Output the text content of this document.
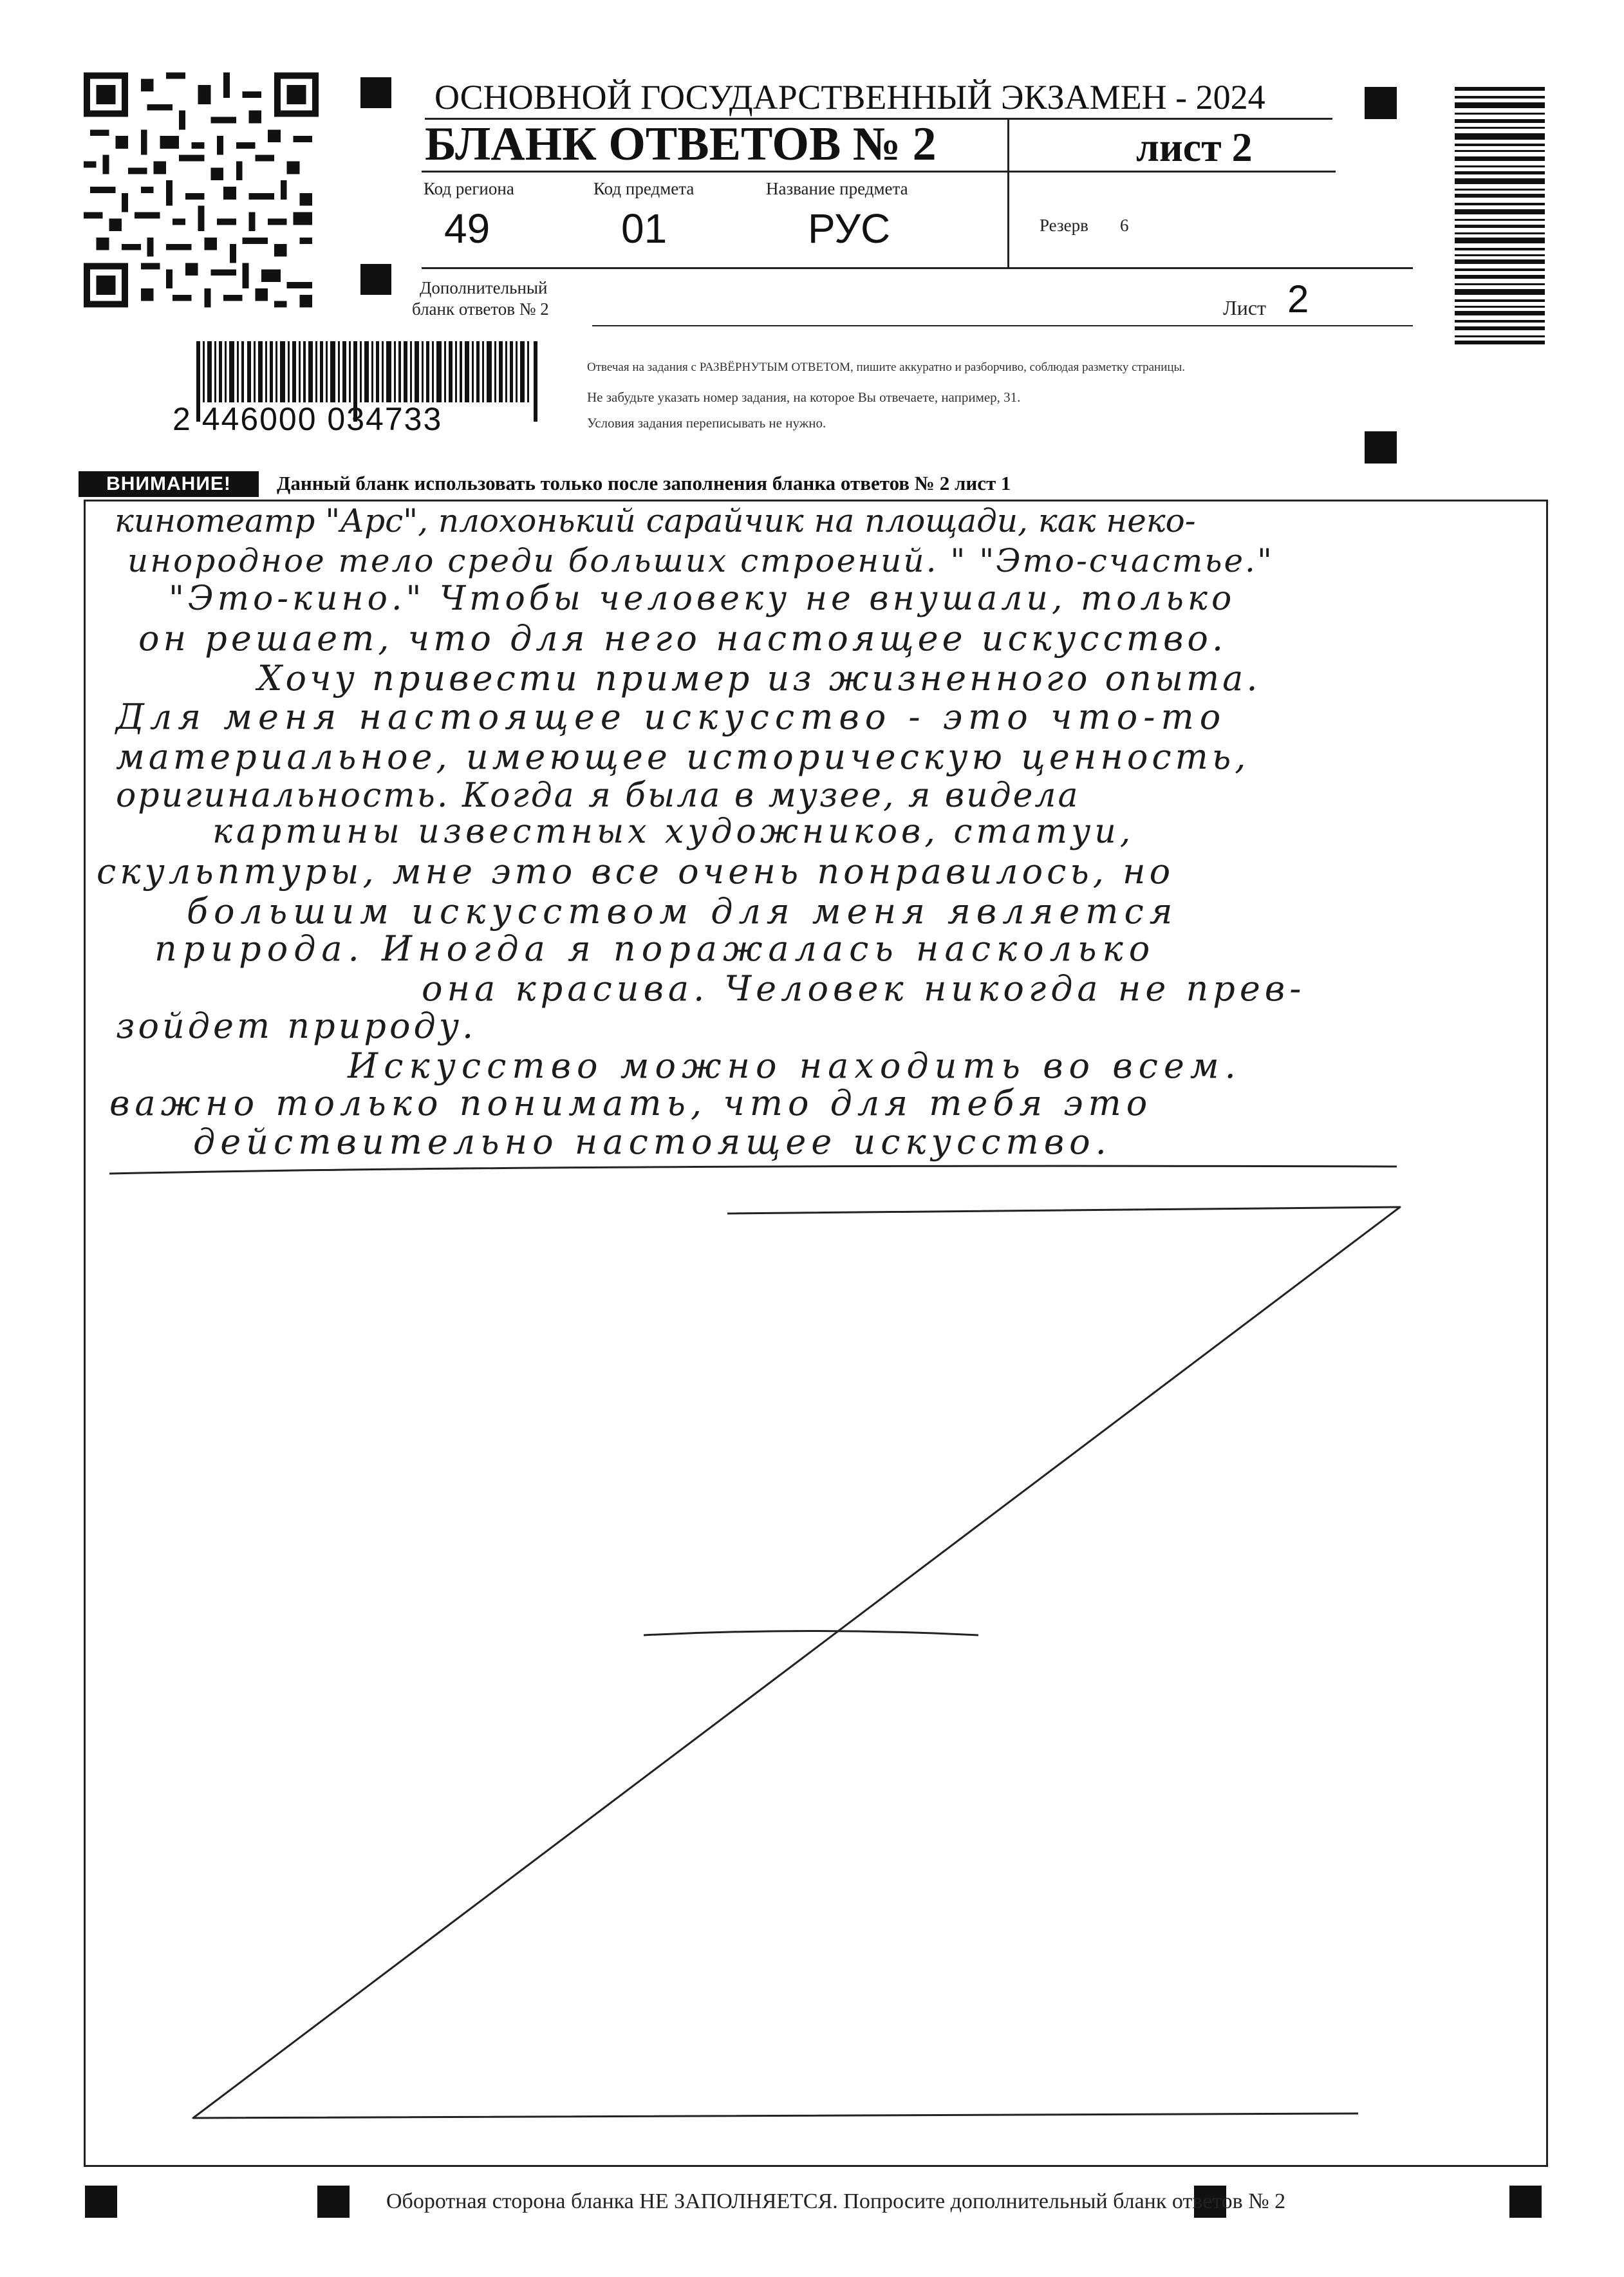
ОСНОВНОЙ ГОСУДАРСТВЕННЫЙ ЭКЗАМЕН - 2024
БЛАНК ОТВЕТОВ № 2	лист 2
Код региона
49
Код предмета
01
Название предмета
РУС	Резерв 6
Дополнительный
бланк ответов № 2	Лист 2
2 446000 034733
Отвечая на задания с РАЗВЁРНУТЫМ ОТВЕТОМ, пишите аккуратно и разборчиво, соблюдая разметку страницы.
Не забудьте указать номер задания, на которое Вы отвечаете, например, 31.
Условия задания переписывать не нужно.
ВНИМАНИЕ!	Данный бланк использовать только после заполнения бланка ответов № 2 лист 1
кинотеатр "Арс", плохонький сарайчик на площади, как неко-
инородное тело среди больших строений. " "Это-счастье."
"Это-кино." Чтобы человеку не внушали, только
он решает, что для него настоящее искусство.
Хочу привести пример из жизненного опыта.
Для меня настоящее искусство - это что-то
материальное, имеющее историческую ценность,
оригинальность. Когда я была в музее, я видела
картины известных художников, статуи,
скульптуры, мне это все очень понравилось, но
большим искусством для меня является
природа. Иногда я поражалась насколько
она красива. Человек никогда не прев-
зойдет природу.
Искусство можно находить во всем.
важно только понимать, что для тебя это
действительно настоящее искусство.
Оборотная сторона бланка НЕ ЗАПОЛНЯЕТСЯ. Попросите дополнительный бланк ответов № 2
